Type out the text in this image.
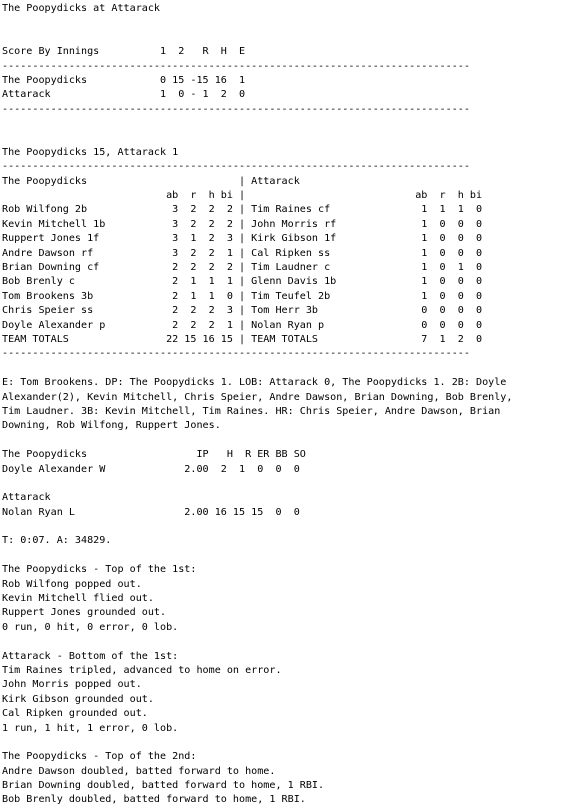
The Poopydicks at Attarack

Score By Innings          1  2   R  H  E
-----------------------------------------------------------------------------
The Poopydicks            0 15 -15 16  1
Attarack                  1  0 - 1  2  0
-----------------------------------------------------------------------------

The Poopydicks 15, Attarack 1
-----------------------------------------------------------------------------
The Poopydicks                         | Attarack
ab  r  h bi |                            ab  r  h bi
Rob Wilfong 2b              3  2  2  2 | Tim Raines cf               1  1  1  0
Kevin Mitchell 1b           3  2  2  2 | John Morris rf              1  0  0  0
Ruppert Jones 1f            3  1  2  3 | Kirk Gibson 1f              1  0  0  0
Andre Dawson rf             3  2  2  1 | Cal Ripken ss               1  0  0  0
Brian Downing cf            2  2  2  2 | Tim Laudner c               1  0  1  0
Bob Brenly c                2  1  1  1 | Glenn Davis 1b              1  0  0  0
Tom Brookens 3b             2  1  1  0 | Tim Teufel 2b               1  0  0  0
Chris Speier ss             2  2  2  3 | Tom Herr 3b                 0  0  0  0
Doyle Alexander p           2  2  2  1 | Nolan Ryan p                0  0  0  0
TEAM TOTALS                22 15 16 15 | TEAM TOTALS                 7  1  2  0
-----------------------------------------------------------------------------

E: Tom Brookens. DP: The Poopydicks 1. LOB: Attarack 0, The Poopydicks 1. 2B: Doyle
Alexander(2), Kevin Mitchell, Chris Speier, Andre Dawson, Brian Downing, Bob Brenly,
Tim Laudner. 3B: Kevin Mitchell, Tim Raines. HR: Chris Speier, Andre Dawson, Brian
Downing, Rob Wilfong, Ruppert Jones.

The Poopydicks                  IP   H  R ER BB SO
Doyle Alexander W             2.00  2  1  0  0  0

Attarack
Nolan Ryan L                  2.00 16 15 15  0  0

T: 0:07. A: 34829.

The Poopydicks - Top of the 1st:
Rob Wilfong popped out.
Kevin Mitchell flied out.
Ruppert Jones grounded out.
0 run, 0 hit, 0 error, 0 lob.

Attarack - Bottom of the 1st:
Tim Raines tripled, advanced to home on error.
John Morris popped out.
Kirk Gibson grounded out.
Cal Ripken grounded out.
1 run, 1 hit, 1 error, 0 lob.

The Poopydicks - Top of the 2nd:
Andre Dawson doubled, batted forward to home.
Brian Downing doubled, batted forward to home, 1 RBI.
Bob Brenly doubled, batted forward to home, 1 RBI.
